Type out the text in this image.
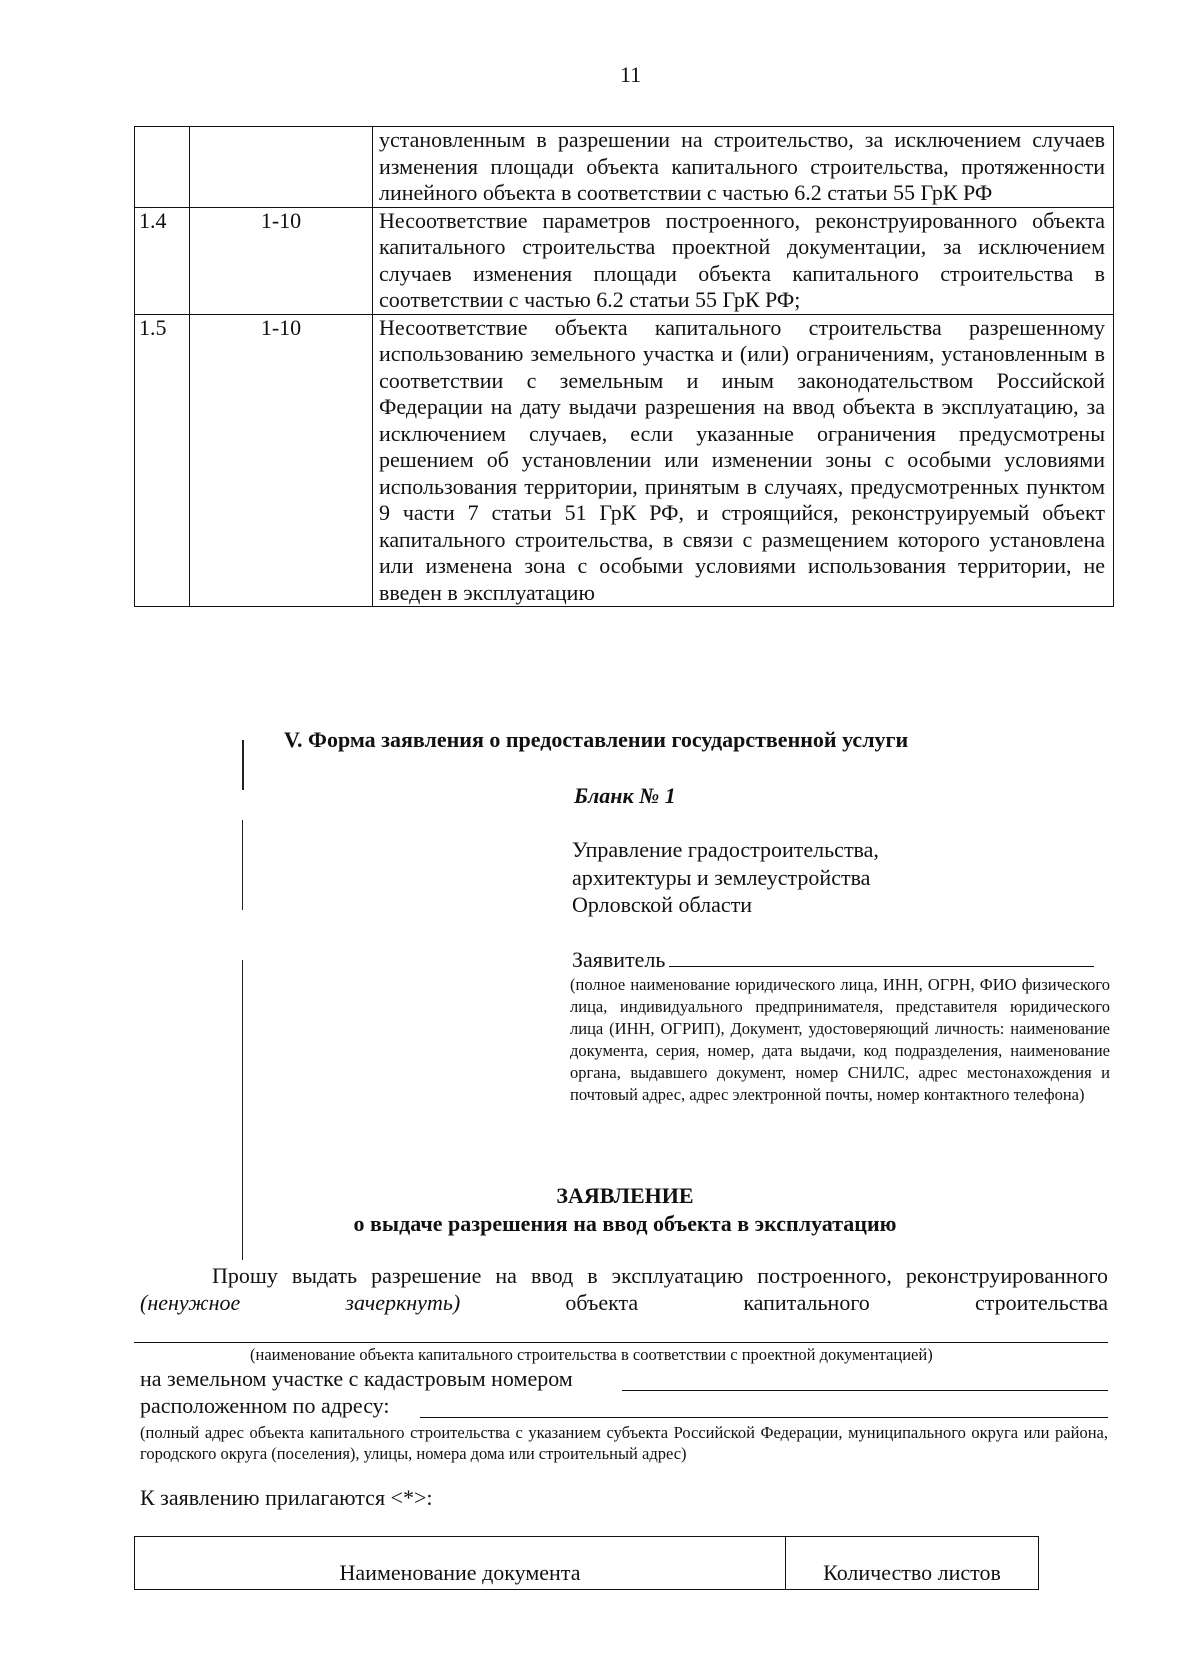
11
		установленным в разрешении на строительство, за исключением случаев изменения площади объекта капитального строительства, протяженности линейного объекта в соответствии с частью 6.2 статьи 55 ГрК РФ
1.4	1-10	Несоответствие параметров построенного, реконструированного объекта капитального строительства проектной документации, за исключением случаев изменения площади объекта капитального строительства в соответствии с частью 6.2 статьи 55 ГрК РФ;
1.5	1-10	Несоответствие объекта капитального строительства разрешенному использованию земельного участка и (или) ограничениям, установленным в соответствии с земельным и иным законодательством Российской Федерации на дату выдачи разрешения на ввод объекта в эксплуатацию, за исключением случаев, если указанные ограничения предусмотрены решением об установлении или изменении зоны с особыми условиями использования территории, принятым в случаях, предусмотренных пунктом 9 части 7 статьи 51 ГрК РФ, и строящийся, реконструируемый объект капитального строительства, в связи с размещением которого установлена или изменена зона с особыми условиями использования территории, не введен в эксплуатацию
V. Форма заявления о предоставлении государственной услуги
Бланк № 1
Управление градостроительства,
архитектуры и землеустройства
Орловской области
Заявитель
(полное наименование юридического лица, ИНН, ОГРН, ФИО физического лица, индивидуального предпринимателя, представителя юридического лица (ИНН, ОГРИП), Документ, удостоверяющий личность: наименование документа, серия, номер, дата выдачи, код подразделения, наименование органа, выдавшего документ, номер СНИЛС, адрес местонахождения и почтовый адрес, адрес электронной почты, номер контактного телефона)
ЗАЯВЛЕНИЕ
о выдаче разрешения на ввод объекта в эксплуатацию
Прошу выдать разрешение на ввод в эксплуатацию построенного, реконструированного (ненужное зачеркнуть) объекта капитального строительства
(наименование объекта капитального строительства в соответствии с проектной документацией)
на земельном участке с кадастровым номером
расположенном по адресу:
(полный адрес объекта капитального строительства с указанием субъекта Российской Федерации, муниципального округа или района, городского округа (поселения), улицы, номера дома или строительный адрес)
К заявлению прилагаются <*>:
Наименование документа	Количество листов
